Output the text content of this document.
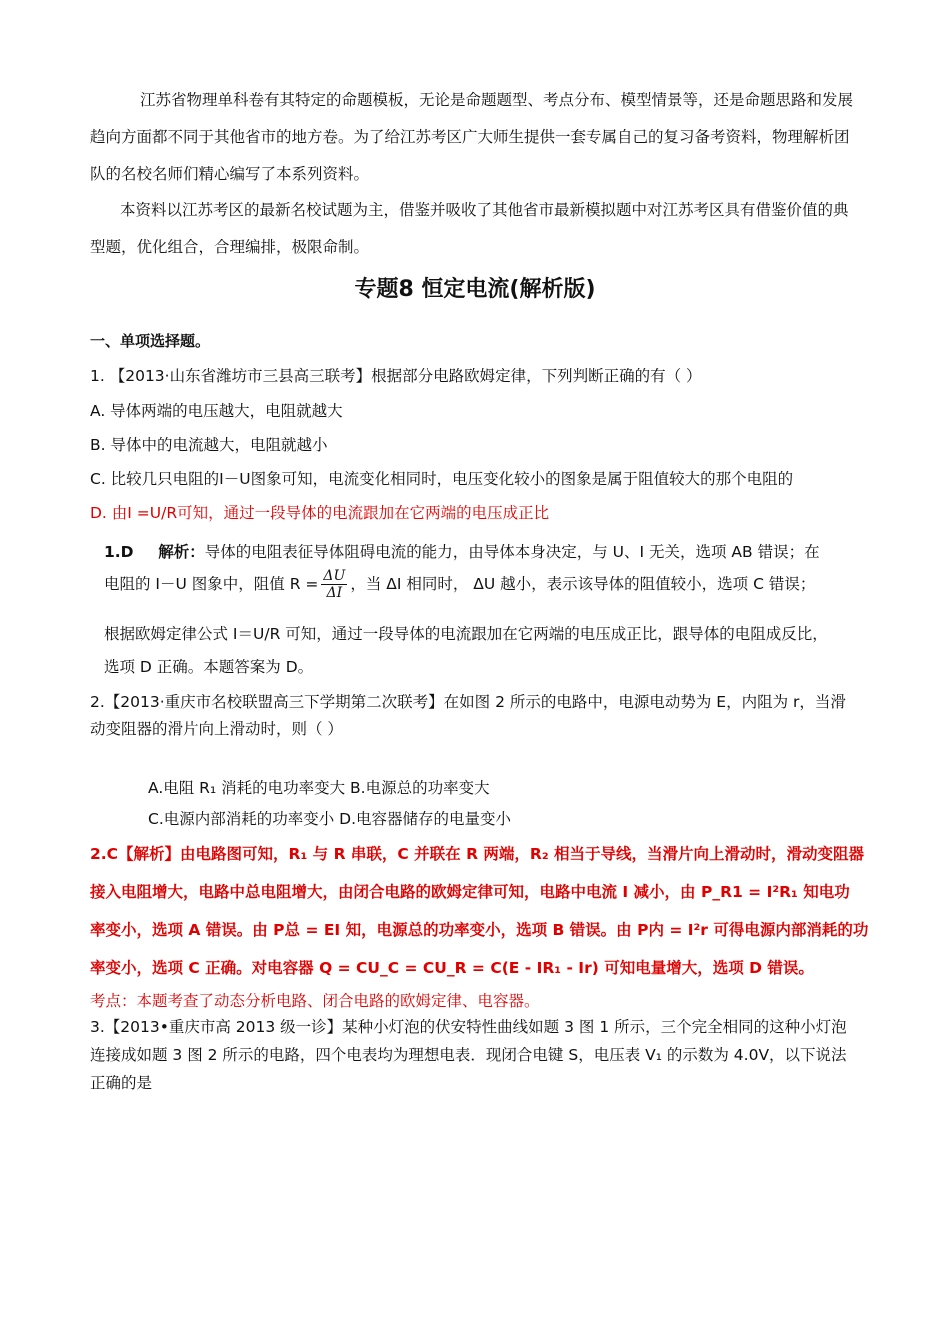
江苏省物理单科卷有其特定的命题模板，无论是命题题型、考点分布、模型情景等，还是命题思路和发展趋向方面都不同于其他省市的地方卷。为了给江苏考区广大师生提供一套专属自己的复习备考资料，物理解析团队的名校名师们精心编写了本系列资料。
本资料以江苏考区的最新名校试题为主，借鉴并吸收了其他省市最新模拟题中对江苏考区具有借鉴价值的典型题，优化组合，合理编排，极限命制。
专题8 恒定电流(解析版)
一、单项选择题。
1. 【2013·山东省潍坊市三县高三联考】根据部分电路欧姆定律，下列判断正确的有（ ）
A. 导体两端的电压越大，电阻就越大
B. 导体中的电流越大，电阻就越小
C. 比较几只电阻的I－U图象可知，电流变化相同时，电压变化较小的图象是属于阻值较大的那个电阻的
D. 由I =U/R可知，通过一段导体的电流跟加在它两端的电压成正比
1.D 解析：导体的电阻表征导体阻碍电流的能力，由导体本身决定，与 U、I 无关，选项 AB 错误；在
电阻的 I－U 图象中，阻值 $R = \frac{\Delta U}{\Delta I}$ ，当 ΔI 相同时， ΔU 越小，表示该导体的阻值较小，选项 C 错误；
根据欧姆定律公式 I＝U/R 可知，通过一段导体的电流跟加在它两端的电压成正比，跟导体的电阻成反比，
选项 D 正确。本题答案为 D。
2.【2013·重庆市名校联盟高三下学期第二次联考】在如图 2 所示的电路中，电源电动势为 E，内阻为 r，当滑
动变阻器的滑片向上滑动时，则（ ）
A.电阻 R₁ 消耗的电功率变大 B.电源总的功率变大
C.电源内部消耗的功率变小 D.电容器储存的电量变小
2.C【解析】由电路图可知，R₁ 与 R 串联，C 并联在 R 两端，R₂ 相当于导线，当滑片向上滑动时，滑动变阻器
接入电阻增大，电路中总电阻增大，由闭合电路的欧姆定律可知，电路中电流 I 减小，由 P_R1 = I²R₁ 知电功
率变小，选项 A 错误。由 P总 = EI 知，电源总的功率变小，选项 B 错误。由 P内 = I²r 可得电源内部消耗的功
率变小，选项 C 正确。对电容器 Q = CU_C = CU_R = C(E - IR₁ - Ir) 可知电量增大，选项 D 错误。
考点：本题考查了动态分析电路、闭合电路的欧姆定律、电容器。
3.【2013•重庆市高 2013 级一诊】某种小灯泡的伏安特性曲线如题 3 图 1 所示，三个完全相同的这种小灯泡
连接成如题 3 图 2 所示的电路，四个电表均为理想电表．现闭合电键 S，电压表 V₁ 的示数为 4.0V，以下说法
正确的是
